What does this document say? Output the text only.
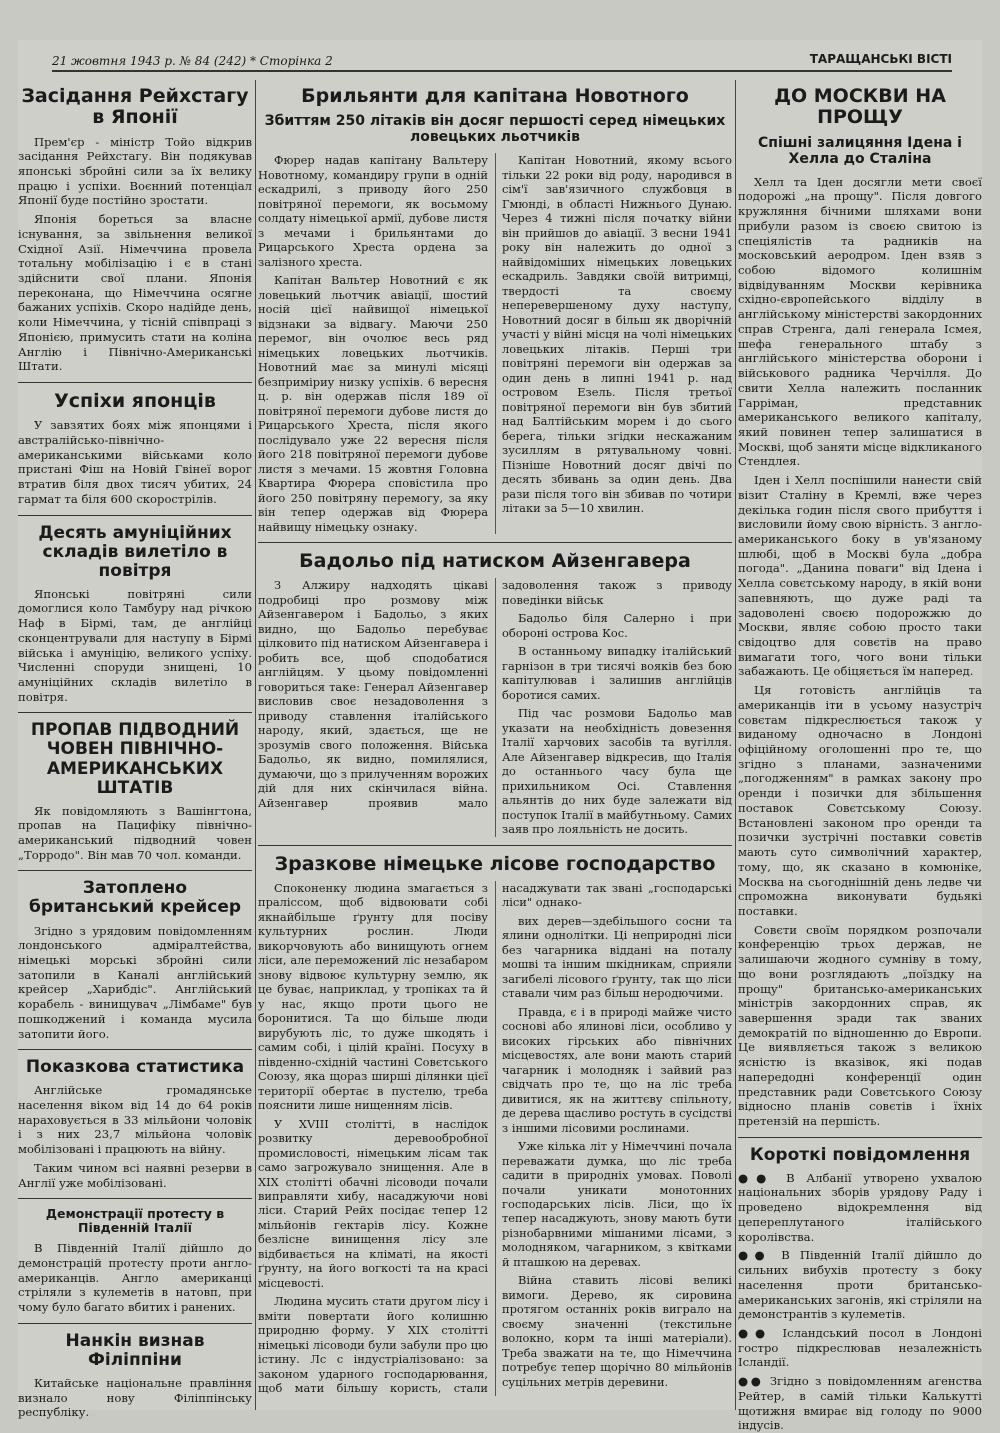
21 жовтня 1943 р. № 84 (242) * Сторінка 2	ТАРАЩАНСЬКІ ВІСТІ
Засідання Рейхстагу в Японії

Прем'єр - міністр Тойо відкрив засідання Рейхстагу. Він подякував японські збройні сили за їх велику працю і успіхи. Воєнний потенціал Японії буде постійно зростати.

Японія бореться за власне існування, за звільнення великої Східної Азії. Німеччина провела тотальну мобілізацію і є в стані здійснити свої плани. Японія переконана, що Німеччина осягне бажаних успіхів. Скоро надійде день, коли Німеччина, у тісній співпраці з Японією, примусить стати на коліна Англію і Північно-Американські Штати.

Успіхи японців

У завзятих боях між японцями і австралійсько-північно-американськими військами коло пристані Фіш на Новій Гвінеї ворог втратив біля двох тисяч убитих, 24 гармат та біля 600 скорострілів.

Десять амуніційних складів вилетіло в повітря

Японські повітряні сили домоглися коло Тамбуру над річкою Наф в Бірмі, там, де англійці сконцентрували для наступу в Бірмі війська і амуніцію, великого успіху. Численні споруди знищені, 10 амуніційних складів вилетіло в повітря.

ПРОПАВ ПІДВОДНИЙ ЧОВЕН ПІВНІЧНО-АМЕРИКАНСЬКИХ ШТАТІВ

Як повідомляють з Вашінгтона, пропав на Пацифіку північно-американський підводний човен „Торродо". Він мав 70 чол. команди.

Затоплено британський крейсер

Згідно з урядовим повідомленням лондонського адміралтейства, німецькі морські збройні сили затопили в Каналі англійський крейсер „Харибдіс". Англійський корабель - винищувач „Лімбаме" був пошкоджений і команда мусила затопити його.

Показкова статистика

Англійське громадянське населення віком від 14 до 64 років нараховується в 33 мільйони чоловік і з них 23,7 мільйона чоловік мобілізовані і працюють на війну.

Таким чином всі наявні резерви в Англії уже мобілізовані.

Демонстрації протесту в Південній Італії

В Південній Італії дійшло до демонстрацій протесту проти англо-американців. Англо американці стріляли з кулеметів в натовп, при чому було багато вбитих і ранених.

Нанкін визнав Філіппіни

Китайське національне правління визнало нову Філіппінську республіку.

Брильянти для капітана Новотного
Збиттям 250 літаків він досяг першості серед німецьких ловецьких льотчиків

Фюрер надав капітану Вальтеру Новотному, командиру групи в одній ескадрилі, з приводу його 250 повітряної перемоги, як восьмому солдату німецької армії, дубове листя з мечами і брильянтами до Рицарського Хреста ордена за залізного хреста.

Капітан Вальтер Новотний є як ловецький льотчик авіації, шостий носій цієї найвищої німецької відзнаки за відвагу. Маючи 250 перемог, він очолює весь ряд німецьких ловецьких льотчиків. Новотний має за минулі місяці безприміриу низку успіхів. 6 вересня ц. р. він одержав після 189 ої повітряної перемоги дубове листя до Рицарського Хреста, після якого послідувало уже 22 вересня після його 218 повітряної перемоги дубове листя з мечами. 15 жовтня Головна Квартира Фюрера сповістила про його 250 повітряну перемогу, за яку він тепер одержав від Фюрера найвищу німецьку ознаку.

Капітан Новотний, якому всього тільки 22 роки від роду, народився в сім'ї зав'язичного службовця в Гмюнді, в області Нижнього Дунаю. Через 4 тижні після початку війни він прийшов до авіації. З весни 1941 року він належить до одної з найвідоміших німецьких ловецьких ескадриль. Завдяки своїй витримці, твердості та своєму неперевершеному духу наступу, Новотний досяг в більш як дворічній участі у війні місця на чолі німецьких ловецьких літаків. Перші три повітряні перемоги він одержав за один день в липні 1941 р. над островом Езель. Після третьої повітряної перемоги він був збитий над Балтійським морем і до сього берега, тільки згідки нескажаним зусиллям в рятувальному човні. Пізніше Новотний досяг двічі по десять збивань за один день. Два рази після того він збивав по чотири літаки за 5—10 хвилин.

Бадольо під натиском Айзенгавера

З Алжиру надходять цікаві подробиці про розмову між Айзенгавером і Бадольо, з яких видно, що Бадольо перебуває цілковито під натиском Айзенгавера і робить все, щоб сподобатися англійцям. У цьому повідомленні говориться таке: Генерал Айзенгавер висловив своє незадоволення з приводу ставлення італійського народу, який, здається, ще не зрозумів свого положення. Війська Бадольо, як видно, помилялися, думаючи, що з прилученням ворожих дій для них скінчилася війна. Айзенгавер проявив мало задоволення також з приводу поведінки військ

Бадольо біля Салерно і при обороні острова Кос.

В останньому випадку італійський гарнізон в три тисячі вояків без бою капітулював і залишив англійців боротися самих.

Під час розмови Бадольо мав указати на необхідність довезення Італії харчових засобів та вугілля. Але Айзенгавер відкресив, що Італія до останнього часу була ще прихильником Осі. Ставлення альянтів до них буде залежати від поступок Італії в майбутньому. Самих заяв про лояльність не досить.

Зразкове німецьке лісове господарство

Споконенку людина змагається з праліссом, щоб відвоювати собі якнайбільше ґрунту для посіву культурних рослин. Люди викорчовують або винищують огнем ліси, але переможений ліс незабаром знову відвоює культурну землю, як це буває, наприклад, у тропіках та й у нас, якщо проти цього не боронитися. Та що більше люди вирубують ліс, то дуже шкодять і самим собі, і цілій країні. Посуху в південно-східній частині Совєтського Союзу, яка щораз ширші ділянки цієї території обертає в пустелю, треба пояснити лише нищенням лісів.

У XVIII столітті, в наслідок розвитку деревообробної промисловості, німецьким лісам так само загрожувало знищення. Але в XIX столітті обачні лісоводи почали виправляти хибу, насаджуючи нові ліси. Старий Рейх посідає тепер 12 мільйонів гектарів лісу. Кожне безлісне винищення лісу зле відбивається на кліматі, на якості ґрунту, на його вогкості та на красі місцевості.

Людина мусить стати другом лісу і вміти повертати його колишню природню форму. У XIX столітті німецькі лісоводи були забули про цю істину. Лс с індустріалізовано: за законом ударного господарювання, щоб мати більшу користь, стали насаджувати так звані „господарські ліси" однако-

вих дерев—здебільшого сосни та ялини однолітки. Ці неприродні ліси без чагарника віддані на поталу мошві та іншим шкідникам, сприяли загибелі лісового ґрунту, так що ліси ставали чим раз більш неродючими.

Правда, є і в природі майже чисто соснові або ялинові ліси, особливо у високих гірських або північних місцевостях, але вони мають старий чагарник і молодняк і зайвий раз свідчать про те, що на ліс треба дивитися, як на життєву спільноту, де дерева щасливо ростуть в сусідстві з іншими лісовими рослинами.

Уже кілька літ у Німеччині почала переважати думка, що ліс треба садити в природніх умовах. Поволі почали уникати монотонних господарських лісів. Ліси, що їх тепер насаджують, знову мають бути різнобарвними мішаними лісами, з молодняком, чагарником, з квітками й пташкою на деревах.

Війна ставить лісові великі вимоги. Дерево, як сировина протягом останніх років виграло на своєму значенні (текстильне волокно, корм та інші матеріали). Треба зважати на те, що Німеччина потребує тепер щорічно 80 мільйонів суцільних метрів деревини.

ДО МОСКВИ НА ПРОЩУ
Спішні залицяння Ідена і Хелла до Сталіна

Хелл та Іден досягли мети своєї подорожі „на прощу". Після довгого кружляння бічними шляхами вони прибули разом із своєю свитою із спеціялістів та радників на московський аеродром. Іден взяв з собою відомого колишнім відвідуванням Москви керівника східно-європейського відділу в англійському міністерстві закордонних справ Стренга, далі генерала Ісмея, шефа генерального штабу з англійського міністерства оборони і військового радника Черчілля. До свити Хелла належить посланник Гарріман, представник американського великого капіталу, який повинен тепер залишатися в Москві, щоб заняти місце відкликаного Стендлея.

Іден і Хелл поспішили нанести свій візит Сталіну в Кремлі, вже через декілька годин після свого прибуття і висловили йому свою вірність. З англо-американського боку в ув'язаному шлюбі, щоб в Москві була „добра погода". „Данина поваги" від Ідена і Хелла совєтському народу, в якій вони запевняють, що дуже раді та задоволені своєю подорожжю до Москви, являє собою просто таки свідоцтво для совєтів на право вимагати того, чого вони тільки забажають. Це обіцяється їм наперед.

Ця готовість англійців та американців іти в усьому назустріч совєтам підкреслюється також у виданому одночасно в Лондоні офіційному оголошенні про те, що згідно з планами, зазначеними „погодженням" в рамках закону про оренди і позички для збільшення поставок Совєтському Союзу. Встановлені законом про оренди та позички зустрічні поставки совєтів мають суто символічний характер, тому, що, як сказано в комюніке, Москва на сьогоднішній день ледве чи спроможна виконувати будьякі поставки.

Совєти своїм порядком розпочали конференцію трьох держав, не залишаючи жодного сумніву в тому, що вони розглядають „поїздку на прощу" британсько-американських міністрів закордонних справ, як завершення зради так званих демократій по відношенню до Европи. Це виявляється також з великою ясністю із вказівок, які подав напередодні конференції один представник ради Совєтського Союзу відносно планів совєтів і їхніх претензій на першість.

Короткі повідомлення

●● В Албанії утворено ухвалою національних зборів урядову Раду і проведено відокремлення від цепереплутаного італійського королівства.

●● В Південній Італії дійшло до сильних вибухів протесту з боку населення проти британсько-американських загонів, які стріляли на демонстрантів з кулеметів.

●● Ісландський посол в Лондоні гостро підкреслював незалежність Ісландії.

●● Згідно з повідомленням агенства Рейтер, в самій тільки Калькутті щотижня вмирає від голоду по 9000 індусів.
